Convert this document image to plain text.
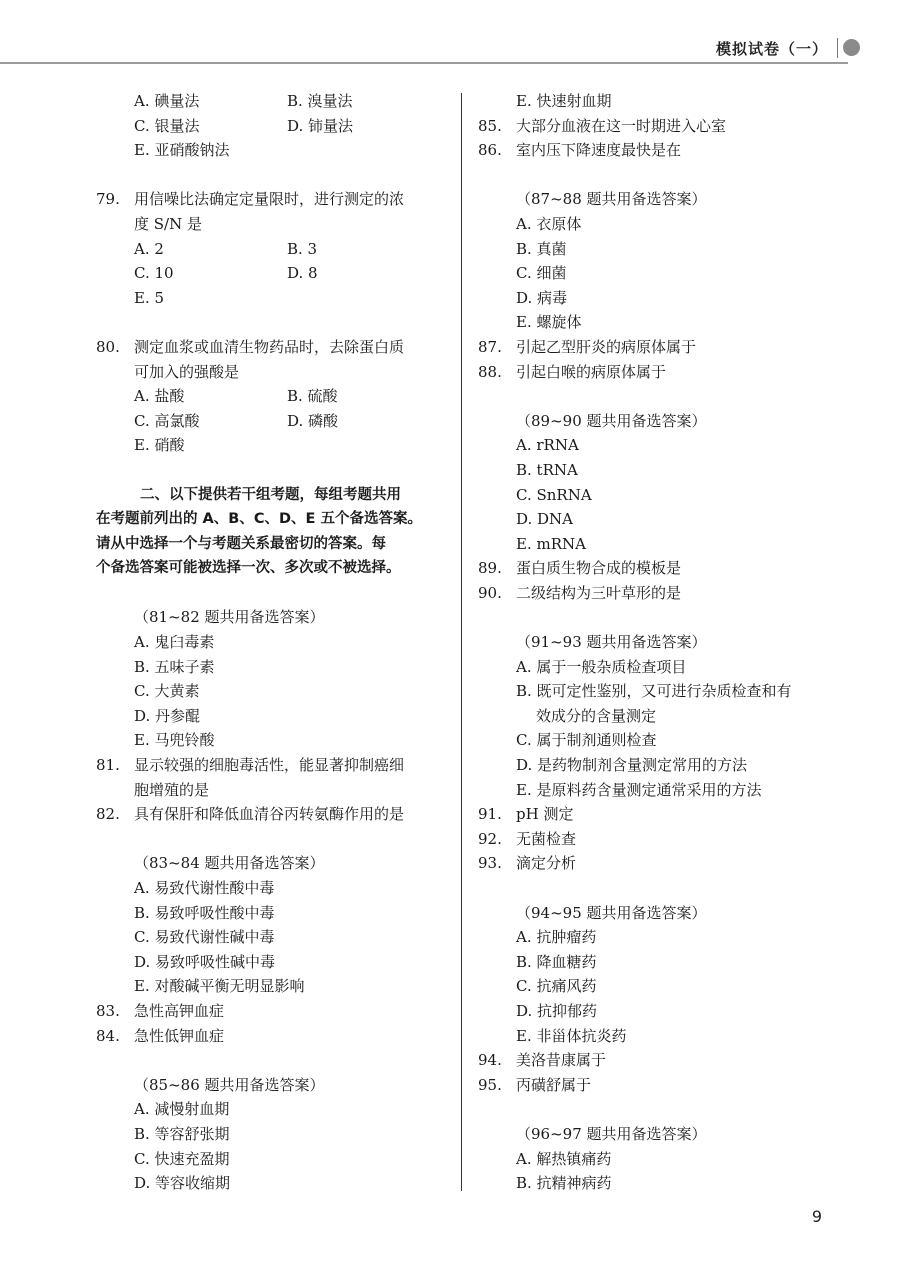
模拟试卷（一）
A. 碘量法	B. 溴量法
C. 银量法	D. 铈量法
E. 亚硝酸钠法
79. 用信噪比法确定定量限时，进行测定的浓
度 S/N 是
A. 2	B. 3
C. 10	D. 8
E. 5
80. 测定血浆或血清生物药品时，去除蛋白质
可加入的强酸是
A. 盐酸	B. 硫酸
C. 高氯酸	D. 磷酸
E. 硝酸
二、以下提供若干组考题，每组考题共用
在考题前列出的 A、B、C、D、E 五个备选答案。
请从中选择一个与考题关系最密切的答案。每
个备选答案可能被选择一次、多次或不被选择。
（81~82 题共用备选答案）
A. 鬼臼毒素
B. 五味子素
C. 大黄素
D. 丹参醌
E. 马兜铃酸
81. 显示较强的细胞毒活性，能显著抑制癌细
胞增殖的是
82. 具有保肝和降低血清谷丙转氨酶作用的是
（83~84 题共用备选答案）
A. 易致代谢性酸中毒
B. 易致呼吸性酸中毒
C. 易致代谢性碱中毒
D. 易致呼吸性碱中毒
E. 对酸碱平衡无明显影响
83. 急性高钾血症
84. 急性低钾血症
（85~86 题共用备选答案）
A. 减慢射血期
B. 等容舒张期
C. 快速充盈期
D. 等容收缩期
E. 快速射血期
85. 大部分血液在这一时期进入心室
86. 室内压下降速度最快是在
（87~88 题共用备选答案）
A. 衣原体
B. 真菌
C. 细菌
D. 病毒
E. 螺旋体
87. 引起乙型肝炎的病原体属于
88. 引起白喉的病原体属于
（89~90 题共用备选答案）
A. rRNA
B. tRNA
C. SnRNA
D. DNA
E. mRNA
89. 蛋白质生物合成的模板是
90. 二级结构为三叶草形的是
（91~93 题共用备选答案）
A. 属于一般杂质检查项目
B. 既可定性鉴别，又可进行杂质检查和有
效成分的含量测定
C. 属于制剂通则检查
D. 是药物制剂含量测定常用的方法
E. 是原料药含量测定通常采用的方法
91. pH 测定
92. 无菌检查
93. 滴定分析
（94~95 题共用备选答案）
A. 抗肿瘤药
B. 降血糖药
C. 抗痛风药
D. 抗抑郁药
E. 非甾体抗炎药
94. 美洛昔康属于
95. 丙磺舒属于
（96~97 题共用备选答案）
A. 解热镇痛药
B. 抗精神病药
9
